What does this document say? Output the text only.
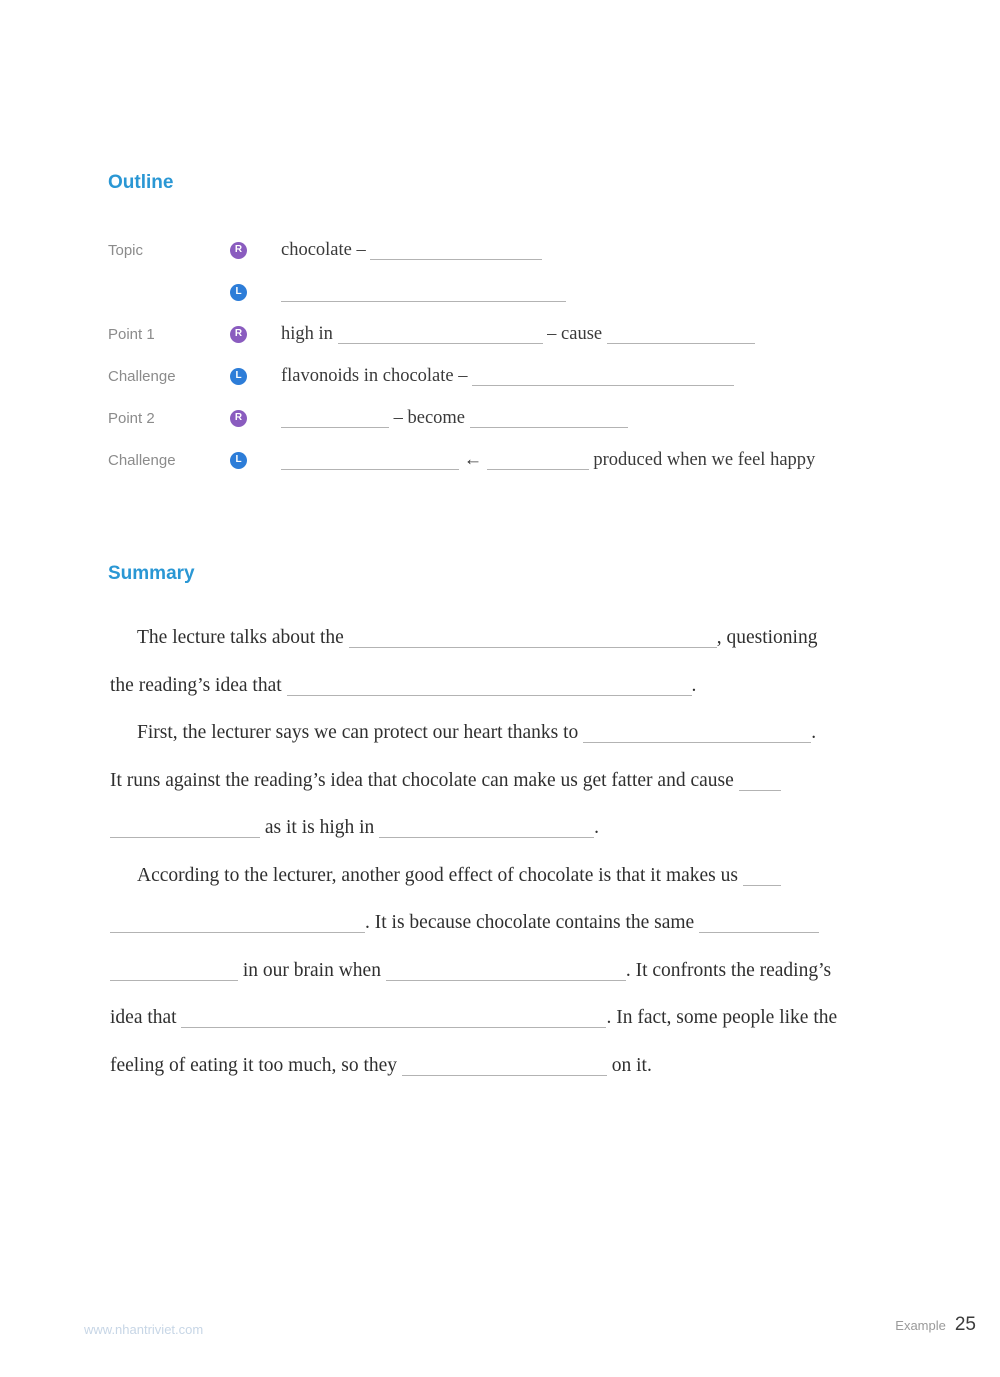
Outline
Topic	R chocolate –
L
Point 1	R high in	– cause
Challenge	L flavonoids in chocolate –
Point 2	R	– become
Challenge	L	←	produced when we feel happy
Summary
The lecture talks about the	, questioning
the reading’s idea that	.
First, the lecturer says we can protect our heart thanks to	.
It runs against the reading’s idea that chocolate can make us get fatter and cause
as it is high in	.
According to the lecturer, another good effect of chocolate is that it makes us
. It is because chocolate contains the same
in our brain when	. It confronts the reading’s
idea that	. In fact, some people like the
feeling of eating it too much, so they	on it.
www.nhantriviet.com	Example 25
